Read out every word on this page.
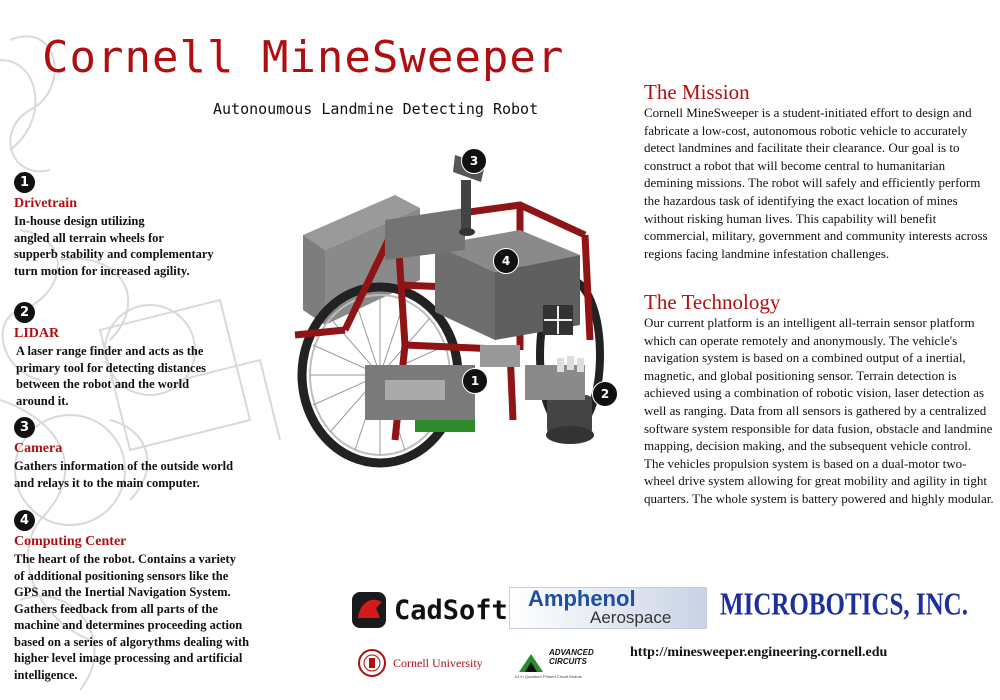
Cornell MineSweeper
Autonoumous Landmine Detecting Robot
1
Drivetrain
In-house design utilizing
angled all terrain wheels for
supperb stability and complementary
turn motion for increased agility.
2
LIDAR
A laser range finder and acts as the
primary tool for detecting distances
between the robot and the world
around it.
3
Camera
Gathers information of the outside world
and relays it to the main computer.
4
Computing Center
The heart of the robot. Contains a variety
of additional positioning sensors like the
GPS and the Inertial Navigation System.
Gathers feedback from all parts of the
machine and determines proceeding action
based on a series of algorythms dealing with
higher level image processing and artificial
intelligence.
3
4
1
2
The Mission
Cornell MineSweeper is a student-initiated effort to design and fabricate a low-cost, autonomous robotic vehicle to accurately detect landmines and facilitate their clearance. Our goal is to construct a robot that will become central to humanitarian demining missions. The robot will safely and efficiently perform the hazardous task of identifying the exact location of mines without risking human lives. This capability will benefit commercial, military, government and community interests across regions facing landmine infestation challenges.
The Technology
Our current platform is an intelligent all-terrain sensor platform which can operate remotely and anonymously. The vehicle's navigation system is based on a combined output of a inertial, magnetic, and global positioning sensor. Terrain detection is achieved using a combination of robotic vision, laser detection as well as ranging. Data from all sensors is gathered by a centralized software system responsible for data fusion, obstacle and landmine mapping, decision making, and the subsequent vehicle control. The vehicles propulsion system is based on a dual-motor two-wheel drive system allowing for great mobility and agility in tight quarters. The whole system is battery powered and highly modular.
CadSoft Amphenol
Aerospace MICROBOTICS, INC.
Cornell University
ADVANCED
CIRCUITS
#1 in Quickturn Printed Circuit Boards
http://minesweeper.engineering.cornell.edu
